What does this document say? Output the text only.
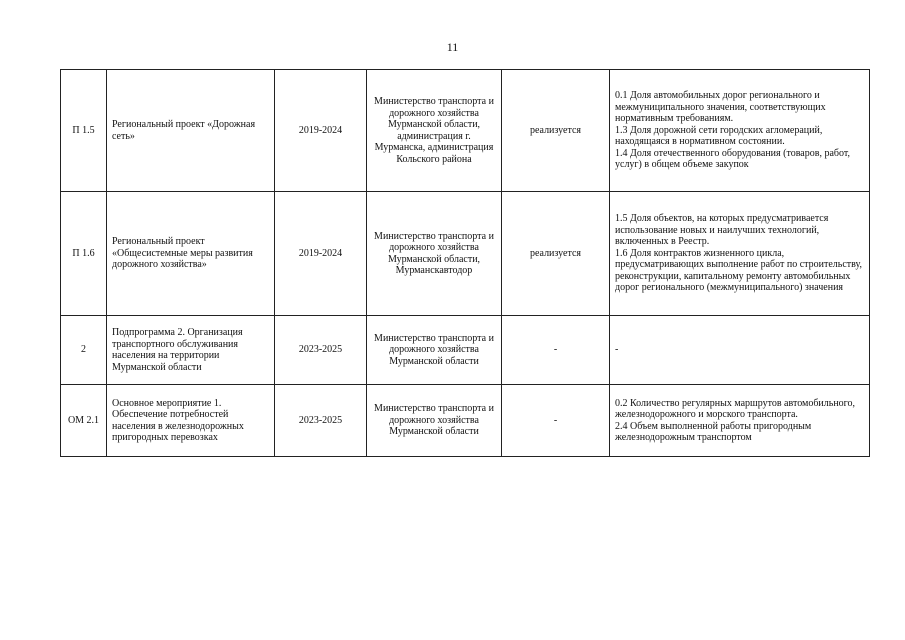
11
П 1.5	Региональный проект «Дорожная сеть»	2019-2024	Министерство транспорта и дорожного хозяйства Мурманской области, администрация г. Мурманска, администрация Кольского района	реализуется	0.1 Доля автомобильных дорог регионального и межмуниципального значения, соответствующих нормативным требованиям.
1.3 Доля дорожной сети городских агломераций, находящаяся в нормативном состоянии.
1.4 Доля отечественного оборудования (товаров, работ, услуг) в общем объеме закупок

П 1.6	Региональный проект «Общесистемные меры развития дорожного хозяйства»	2019-2024	Министерство транспорта и дорожного хозяйства Мурманской области, Мурманскавтодор	реализуется	1.5 Доля объектов, на которых предусматривается использование новых и наилучших технологий, включенных в Реестр.
1.6 Доля контрактов жизненного цикла, предусматривающих выполнение работ по строительству, реконструкции, капитальному ремонту автомобильных дорог регионального (межмуниципального) значения

2	Подпрограмма 2. Организация транспортного обслуживания населения на территории Мурманской области	2023-2025	Министерство транспорта и дорожного хозяйства Мурманской области	-	-

ОМ 2.1	Основное мероприятие 1. Обеспечение потребностей населения в железнодорожных пригородных перевозках	2023-2025	Министерство транспорта и дорожного хозяйства Мурманской области	-	0.2 Количество регулярных маршрутов автомобильного, железнодорожного и морского транспорта.
2.4 Объем выполненной работы пригородным железнодорожным транспортом
